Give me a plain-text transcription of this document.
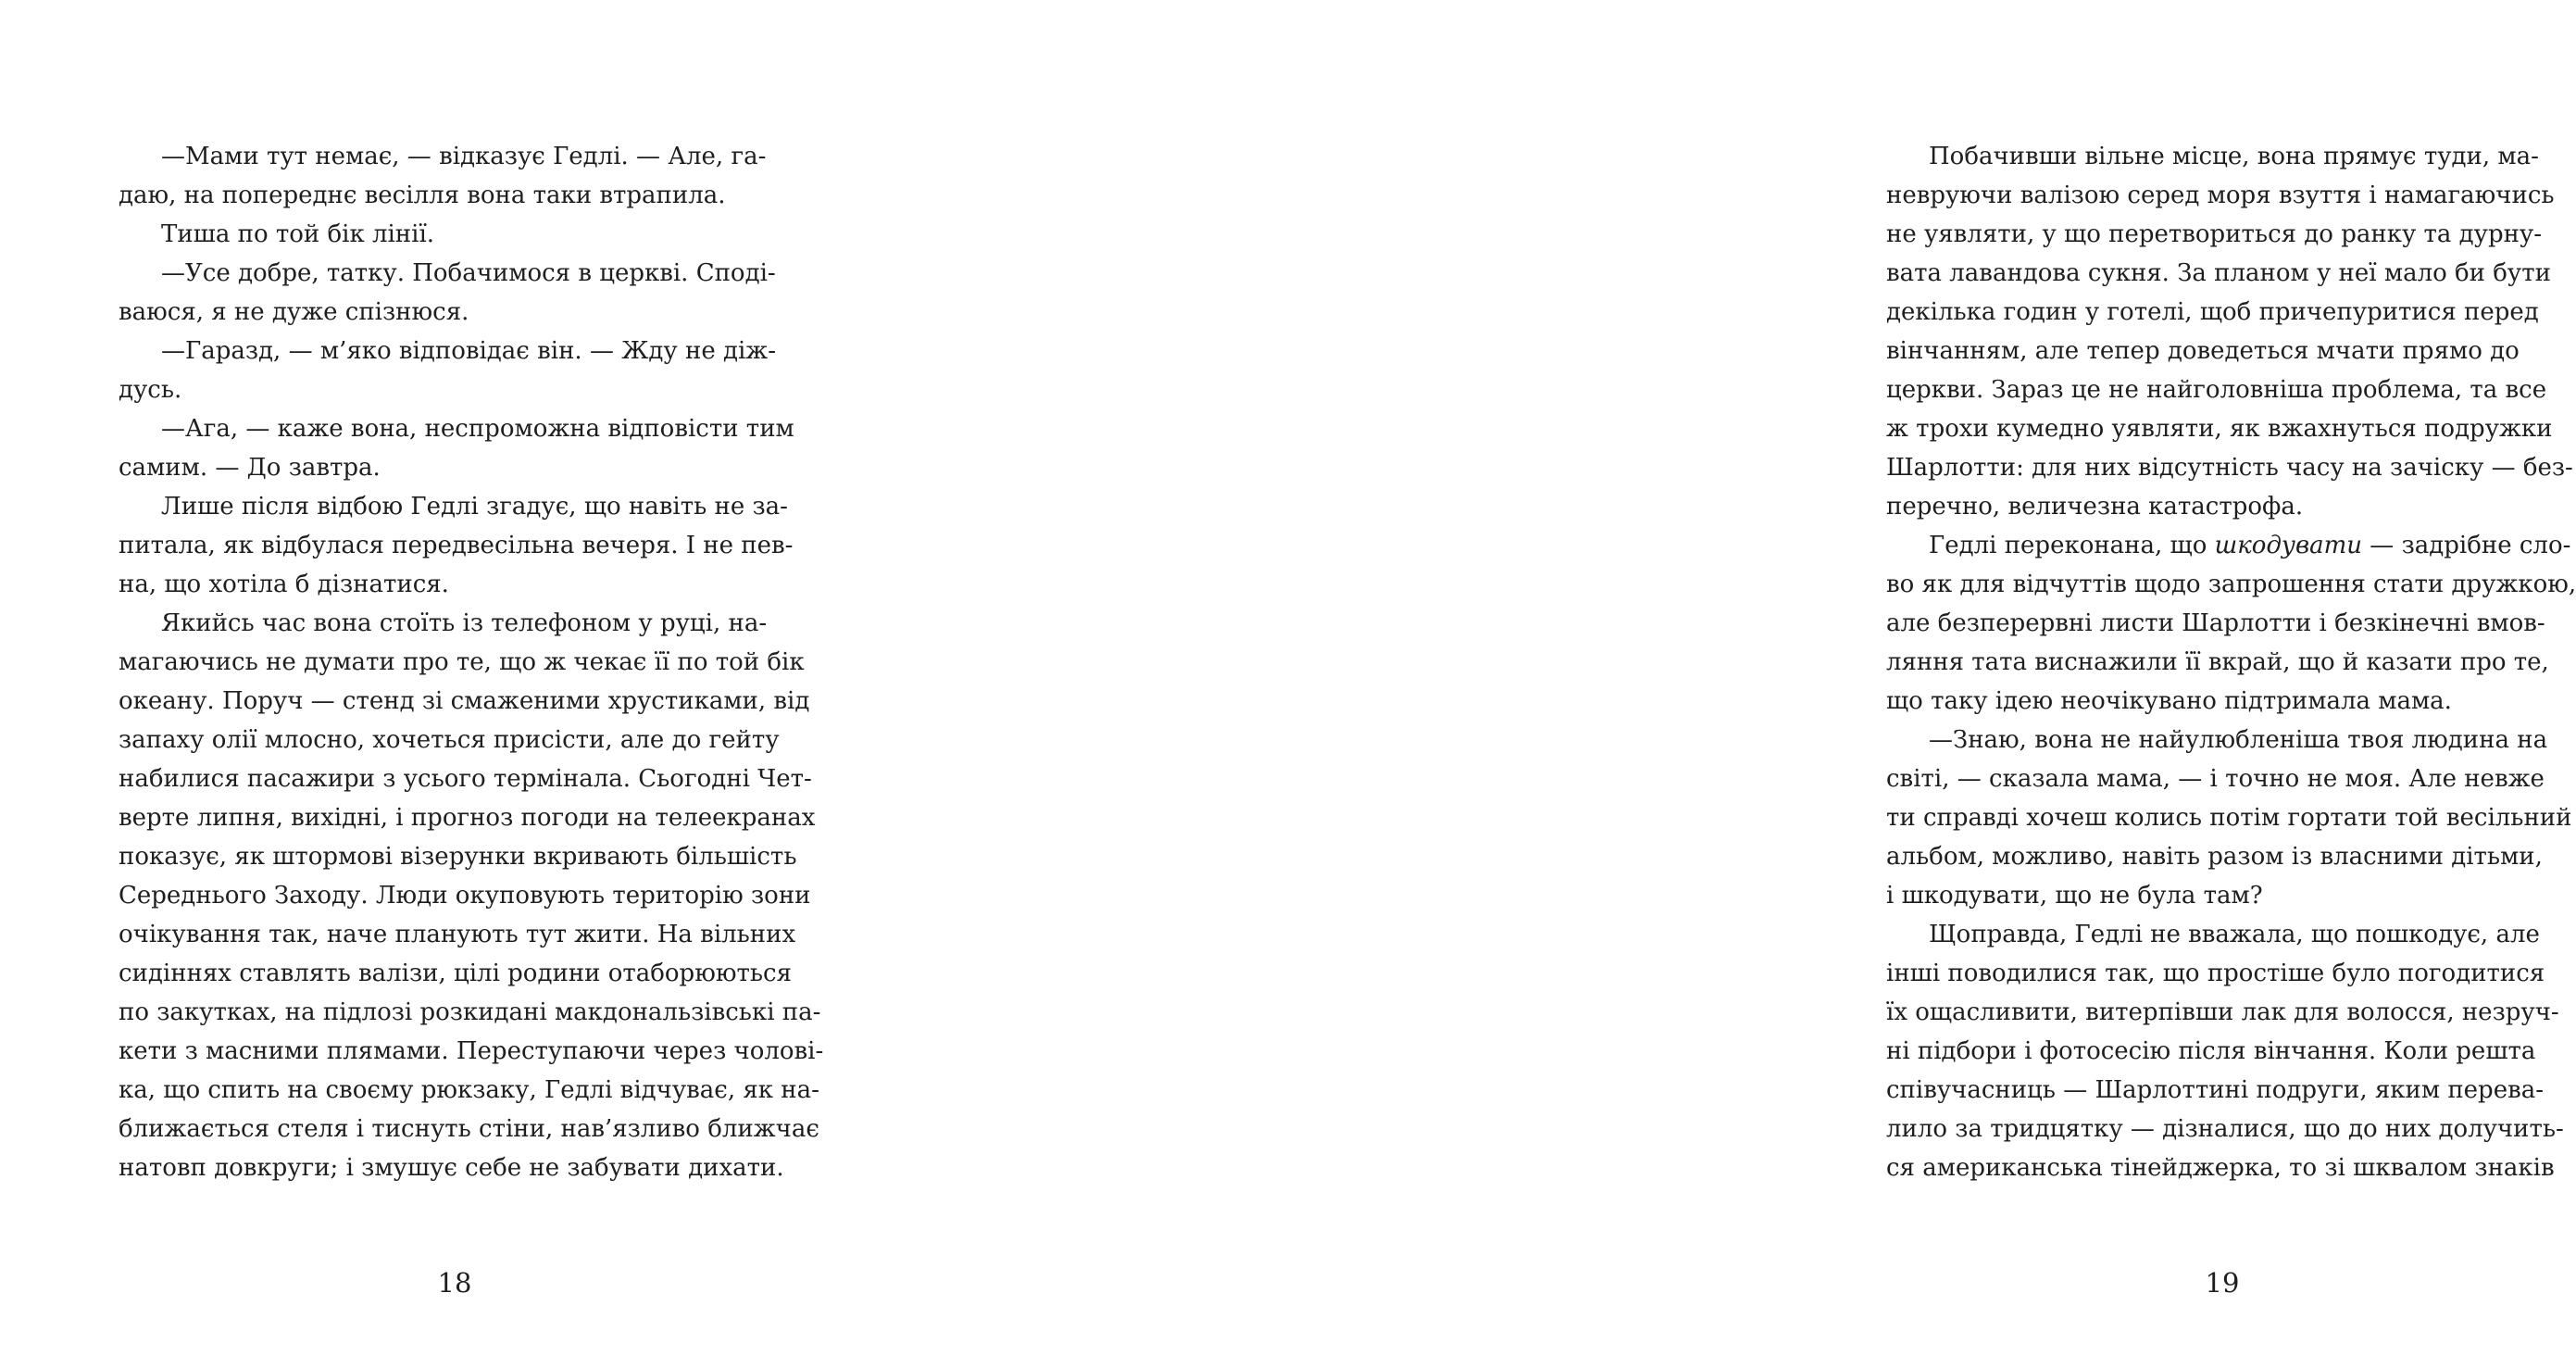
—Мами тут немає, — відказує Гедлі. — Але, га-
даю, на попереднє весілля вона таки втрапила.
Тиша по той бік лінії.
—Усе добре, татку. Побачимося в церкві. Споді-
ваюся, я не дуже спізнюся.
—Гаразд, — м’яко відповідає він. — Жду не діж-
дусь.
—Ага, — каже вона, неспроможна відповісти тим
самим. — До завтра.
Лише після відбою Гедлі згадує, що навіть не за-
питала, як відбулася передвесільна вечеря. І не пев-
на, що хотіла б дізнатися.
Якийсь час вона стоїть із телефоном у руці, на-
магаючись не думати про те, що ж чекає її по той бік
океану. Поруч — стенд зі смаженими хрустиками, від
запаху олії млосно, хочеться присісти, але до гейту
набилися пасажири з усього термінала. Сьогодні Чет-
верте липня, вихідні, і прогноз погоди на телеекранах
показує, як штормові візерунки вкривають більшість
Середнього Заходу. Люди окуповують територію зони
очікування так, наче планують тут жити. На вільних
сидіннях ставлять валізи, цілі родини отаборюються
по закутках, на підлозі розкидані макдональзівські па-
кети з масними плямами. Переступаючи через чолові-
ка, що спить на своєму рюкзаку, Гедлі відчуває, як на-
ближається стеля і тиснуть стіни, нав’язливо ближчає
натовп довкруги; і змушує себе не забувати дихати.
18
Побачивши вільне місце, вона прямує туди, ма-
невруючи валізою серед моря взуття і намагаючись
не уявляти, у що перетвориться до ранку та дурну-
вата лавандова сукня. За планом у неї мало би бути
декілька годин у готелі, щоб причепуритися перед
вінчанням, але тепер доведеться мчати прямо до
церкви. Зараз це не найголовніша проблема, та все
ж трохи кумедно уявляти, як вжахнуться подружки
Шарлотти: для них відсутність часу на зачіску — без-
перечно, величезна катастрофа.
Гедлі переконана, що шкодувати — задрібне сло-
во як для відчуттів щодо запрошення стати дружкою,
але безперервні листи Шарлотти і безкінечні вмов-
ляння тата виснажили її вкрай, що й казати про те,
що таку ідею неочікувано підтримала мама.
—Знаю, вона не найулюбленіша твоя людина на
світі, — сказала мама, — і точно не моя. Але невже
ти справді хочеш колись потім гортати той весільний
альбом, можливо, навіть разом із власними дітьми,
і шкодувати, що не була там?
Щоправда, Гедлі не вважала, що пошкодує, але
інші поводилися так, що простіше було погодитися
їх ощасливити, витерпівши лак для волосся, незруч-
ні підбори і фотосесію після вінчання. Коли решта
співучасниць — Шарлоттині подруги, яким перева-
лило за тридцятку — дізналися, що до них долучить-
ся американська тінейджерка, то зі шквалом знаків
19
